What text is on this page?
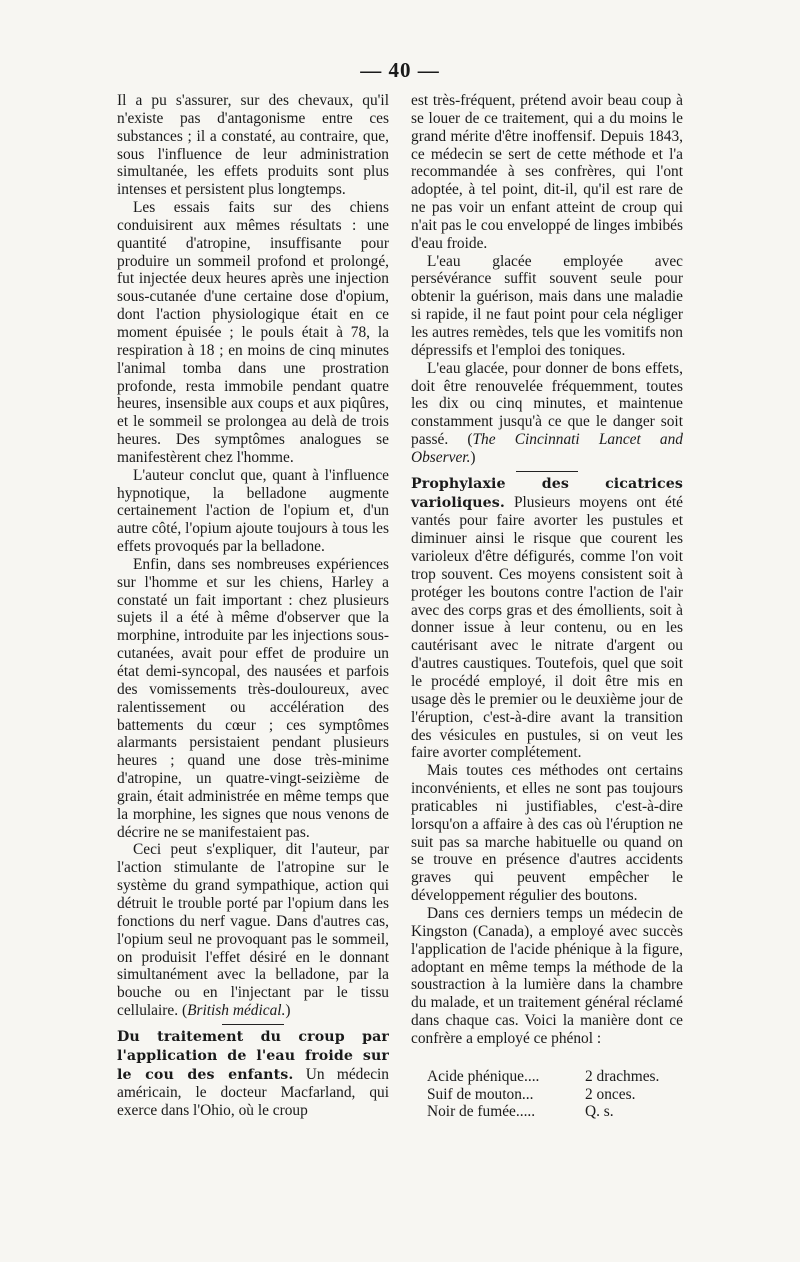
— 40 —

Il a pu s'assurer, sur des chevaux, qu'il n'existe pas d'antagonisme entre ces substances ; il a constaté, au contraire, que, sous l'influence de leur administration simultanée, les effets produits sont plus intenses et persistent plus longtemps.

Les essais faits sur des chiens conduisirent aux mêmes résultats : une quantité d'atropine, insuffisante pour produire un sommeil profond et prolongé, fut injectée deux heures après une injection sous-cutanée d'une certaine dose d'opium, dont l'action physiologique était en ce moment épuisée ; le pouls était à 78, la respiration à 18 ; en moins de cinq minutes l'animal tomba dans une prostration profonde, resta immobile pendant quatre heures, insensible aux coups et aux piqûres, et le sommeil se prolongea au delà de trois heures. Des symptômes analogues se manifestèrent chez l'homme.

L'auteur conclut que, quant à l'influence hypnotique, la belladone augmente certainement l'action de l'opium et, d'un autre côté, l'opium ajoute toujours à tous les effets provoqués par la belladone.

Enfin, dans ses nombreuses expériences sur l'homme et sur les chiens, Harley a constaté un fait important : chez plusieurs sujets il a été à même d'observer que la morphine, introduite par les injections sous-cutanées, avait pour effet de produire un état demi-syncopal, des nausées et parfois des vomissements très-douloureux, avec ralentissement ou accélération des battements du cœur ; ces symptômes alarmants persistaient pendant plusieurs heures ; quand une dose très-minime d'atropine, un quatre-vingt-seizième de grain, était administrée en même temps que la morphine, les signes que nous venons de décrire ne se manifestaient pas.

Ceci peut s'expliquer, dit l'auteur, par l'action stimulante de l'atropine sur le système du grand sympathique, action qui détruit le trouble porté par l'opium dans les fonctions du nerf vague. Dans d'autres cas, l'opium seul ne provoquant pas le sommeil, on produisit l'effet désiré en le donnant simultanément avec la belladone, par la bouche ou en l'injectant par le tissu cellulaire. (British médical.)

Du traitement du croup par l'application de l'eau froide sur le cou des enfants. Un médecin américain, le docteur Macfarland, qui exerce dans l'Ohio, où le croup

est très-fréquent, prétend avoir beau coup à se louer de ce traitement, qui a du moins le grand mérite d'être inoffensif. Depuis 1843, ce médecin se sert de cette méthode et l'a recommandée à ses confrères, qui l'ont adoptée, à tel point, dit-il, qu'il est rare de ne pas voir un enfant atteint de croup qui n'ait pas le cou enveloppé de linges imbibés d'eau froide.

L'eau glacée employée avec persévérance suffit souvent seule pour obtenir la guérison, mais dans une maladie si rapide, il ne faut point pour cela négliger les autres remèdes, tels que les vomitifs non dépressifs et l'emploi des toniques.

L'eau glacée, pour donner de bons effets, doit être renouvelée fréquemment, toutes les dix ou cinq minutes, et maintenue constamment jusqu'à ce que le danger soit passé. (The Cincinnati Lancet and Observer.)

Prophylaxie des cicatrices varioliques. Plusieurs moyens ont été vantés pour faire avorter les pustules et diminuer ainsi le risque que courent les varioleux d'être défigurés, comme l'on voit trop souvent. Ces moyens consistent soit à protéger les boutons contre l'action de l'air avec des corps gras et des émollients, soit à donner issue à leur contenu, ou en les cautérisant avec le nitrate d'argent ou d'autres caustiques. Toutefois, quel que soit le procédé employé, il doit être mis en usage dès le premier ou le deuxième jour de l'éruption, c'est-à-dire avant la transition des vésicules en pustules, si on veut les faire avorter complétement.

Mais toutes ces méthodes ont certains inconvénients, et elles ne sont pas toujours praticables ni justifiables, c'est-à-dire lorsqu'on a affaire à des cas où l'éruption ne suit pas sa marche habituelle ou quand on se trouve en présence d'autres accidents graves qui peuvent empêcher le développement régulier des boutons.

Dans ces derniers temps un médecin de Kingston (Canada), a employé avec succès l'application de l'acide phénique à la figure, adoptant en même temps la méthode de la soustraction à la lumière dans la chambre du malade, et un traitement général réclamé dans chaque cas. Voici la manière dont ce confrère a employé ce phénol :

Acide phénique....	2 drachmes.
Suif de mouton...	2 onces.
Noir de fumée.....	Q. s.
